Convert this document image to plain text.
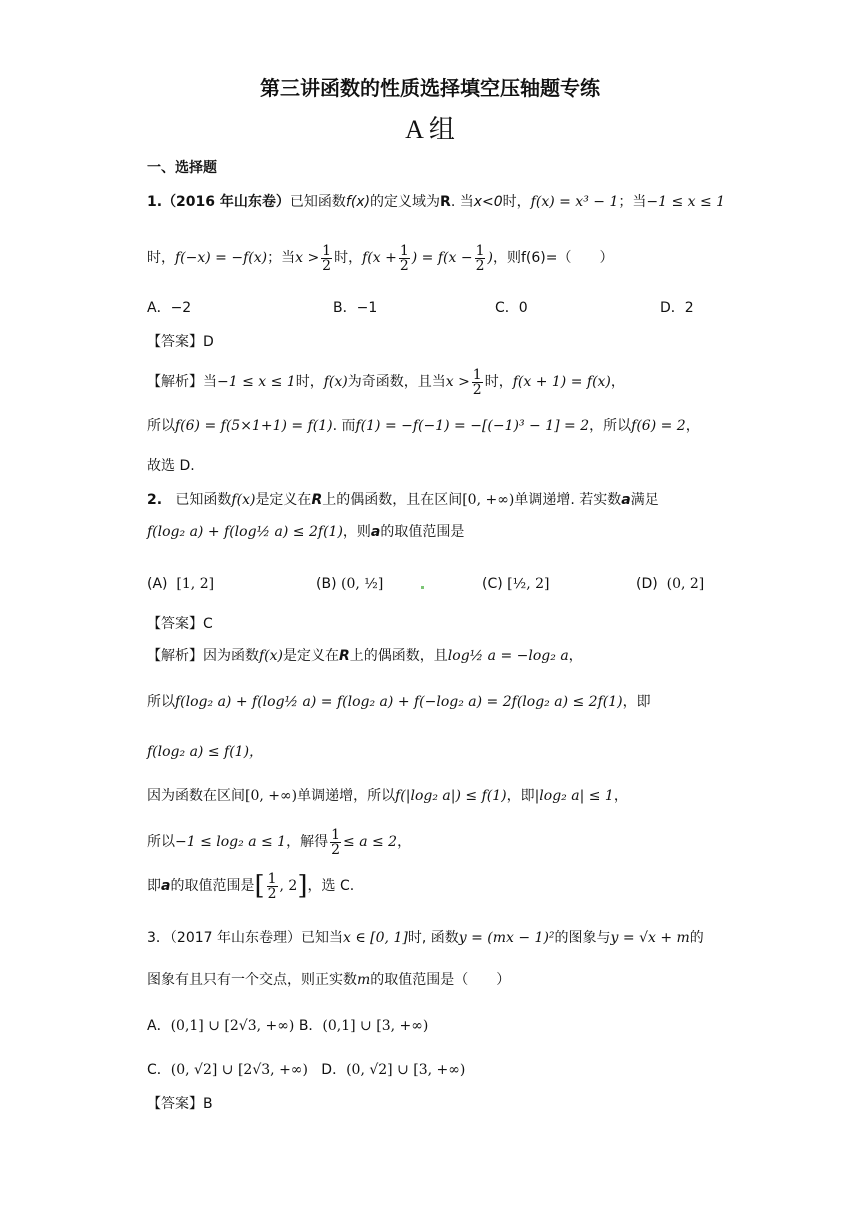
第三讲函数的性质选择填空压轴题专练
A 组
一、选择题
1.（2016 年山东卷）已知函数f(x)的定义域为R. 当x<0时，f(x) = x³ − 1；当−1 ≤ x ≤ 1
时，f(−x) = −f(x)；当$x > \frac{1}{2}$ 时，$f(x + \frac{1}{2}$ ) = $f(x - \frac{1}{2}$ )，则f(6)=（　　）
A．−2	B．−1	C．0	D．2
【答案】D
【解析】当−1 ≤ x ≤ 1时，f(x)为奇函数，且当$x > \frac{1}{2}$ 时，f(x + 1) = f(x)，
所以f(6) = f(5×1+1) = f(1). 而f(1) = −f(−1) = −[(−1)³ − 1] = 2，所以f(6) = 2，
故选 D.
2. 已知函数f(x)是定义在R上的偶函数，且在区间[0, +∞)单调递增. 若实数a满足
f(log₂ a) + f(log½ a) ≤ 2f(1)，则a的取值范围是
(A) [1, 2]	(B) (0, ½]	(C) [½, 2]	(D) (0, 2]
【答案】C
【解析】因为函数f(x)是定义在R上的偶函数，且log½ a = −log₂ a，
所以f(log₂ a) + f(log½ a) = f(log₂ a) + f(−log₂ a) = 2f(log₂ a) ≤ 2f(1)，即
f(log₂ a) ≤ f(1)，
因为函数在区间[0, +∞)单调递增，所以f(|log₂ a|) ≤ f(1)，即|log₂ a| ≤ 1，
所以−1 ≤ log₂ a ≤ 1，解得 $\frac{1}{2} \le a \le 2$，
即a的取值范围是[ $\frac{1}{2}$ , 2]，选 C.
3．（2017 年山东卷理）已知当x ∈ [0, 1]时, 函数y = (mx − 1)²的图象与y = √x + m的
图象有且只有一个交点，则正实数m的取值范围是（　　）
A．(0,1] ∪ [2√3, +∞) B．(0,1] ∪ [3, +∞)
C．(0, √2] ∪ [2√3, +∞) D．(0, √2] ∪ [3, +∞)
【答案】B
